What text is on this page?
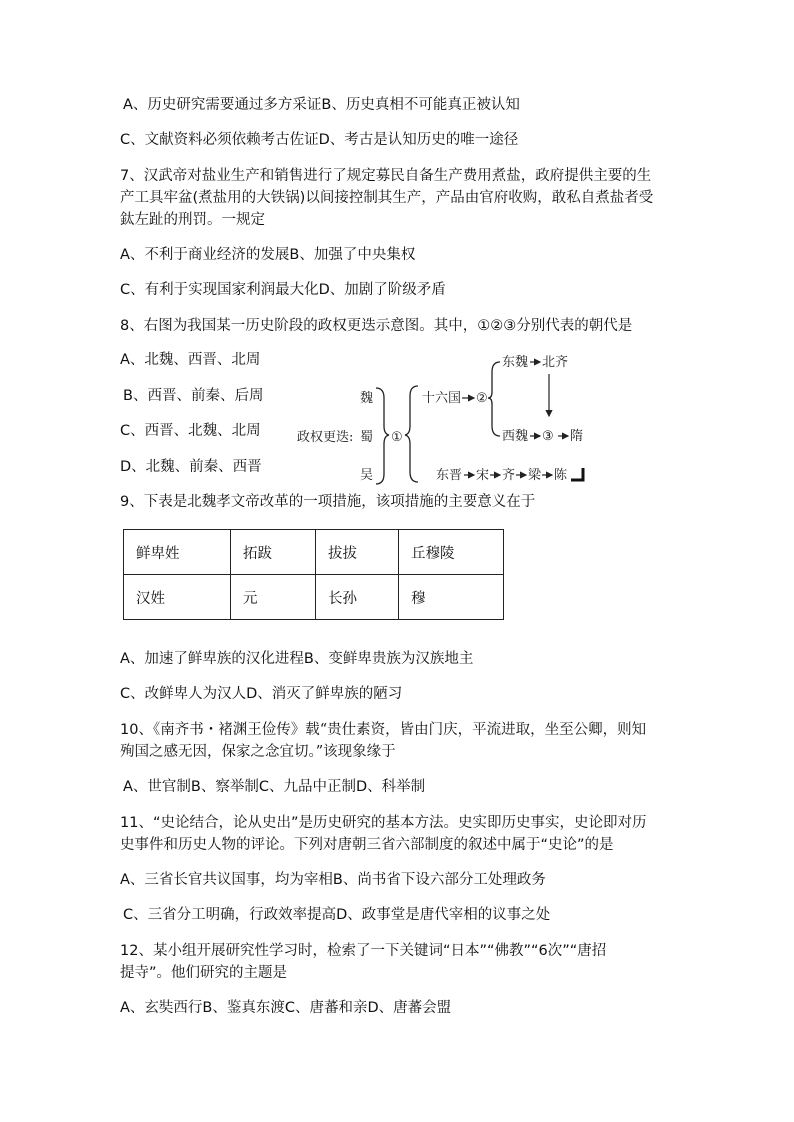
A、历史研究需要通过多方采证B、历史真相不可能真正被认知
C、文献资料必须依赖考古佐证D、考古是认知历史的唯一途径
7、汉武帝对盐业生产和销售进行了规定募民自备生产费用煮盐，政府提供主要的生
产工具牢盆(煮盐用的大铁锅)以间接控制其生产，产品由官府收购，敢私自煮盐者受
鈦左趾的刑罚。一规定
A、不利于商业经济的发展B、加强了中央集权
C、有利于实现国家利润最大化D、加剧了阶级矛盾
8、右图为我国某一历史阶段的政权更迭示意图。其中，①②③分别代表的朝代是
A、北魏、西晋、北周
B、西晋、前秦、后周
C、西晋、北魏、北周
D、北魏、前秦、西晋
魏
政权更迭: 蜀
吴
①
十六国 ②
东魏 北齐
西魏 ③ 隋
东晋 宋 齐 梁 陈
9、下表是北魏孝文帝改革的一项措施，该项措施的主要意义在于
鲜卑姓	拓跋	拔拔	丘穆陵
汉姓	元	长孙	穆
A、加速了鲜卑族的汉化进程B、变鲜卑贵族为汉族地主
C、改鲜卑人为汉人D、消灭了鲜卑族的陋习
10、《南齐书・褚渊王俭传》载“贵仕素资，皆由门庆，平流进取，坐至公卿，则知
殉国之感无因，保家之念宜切。”该现象缘于
A、世官制B、察举制C、九品中正制D、科举制
11、“史论结合，论从史出”是历史研究的基本方法。史实即历史事实，史论即对历
史事件和历史人物的评论。下列对唐朝三省六部制度的叙述中属于“史论”的是
A、三省长官共议国事，均为宰相B、尚书省下设六部分工处理政务
C、三省分工明确，行政效率提高D、政事堂是唐代宰相的议事之处
12、某小组开展研究性学习时，检索了一下关键词“日本”“佛教”“6次”“唐招
提寺”。他们研究的主题是
A、玄奘西行B、鉴真东渡C、唐蕃和亲D、唐蕃会盟
